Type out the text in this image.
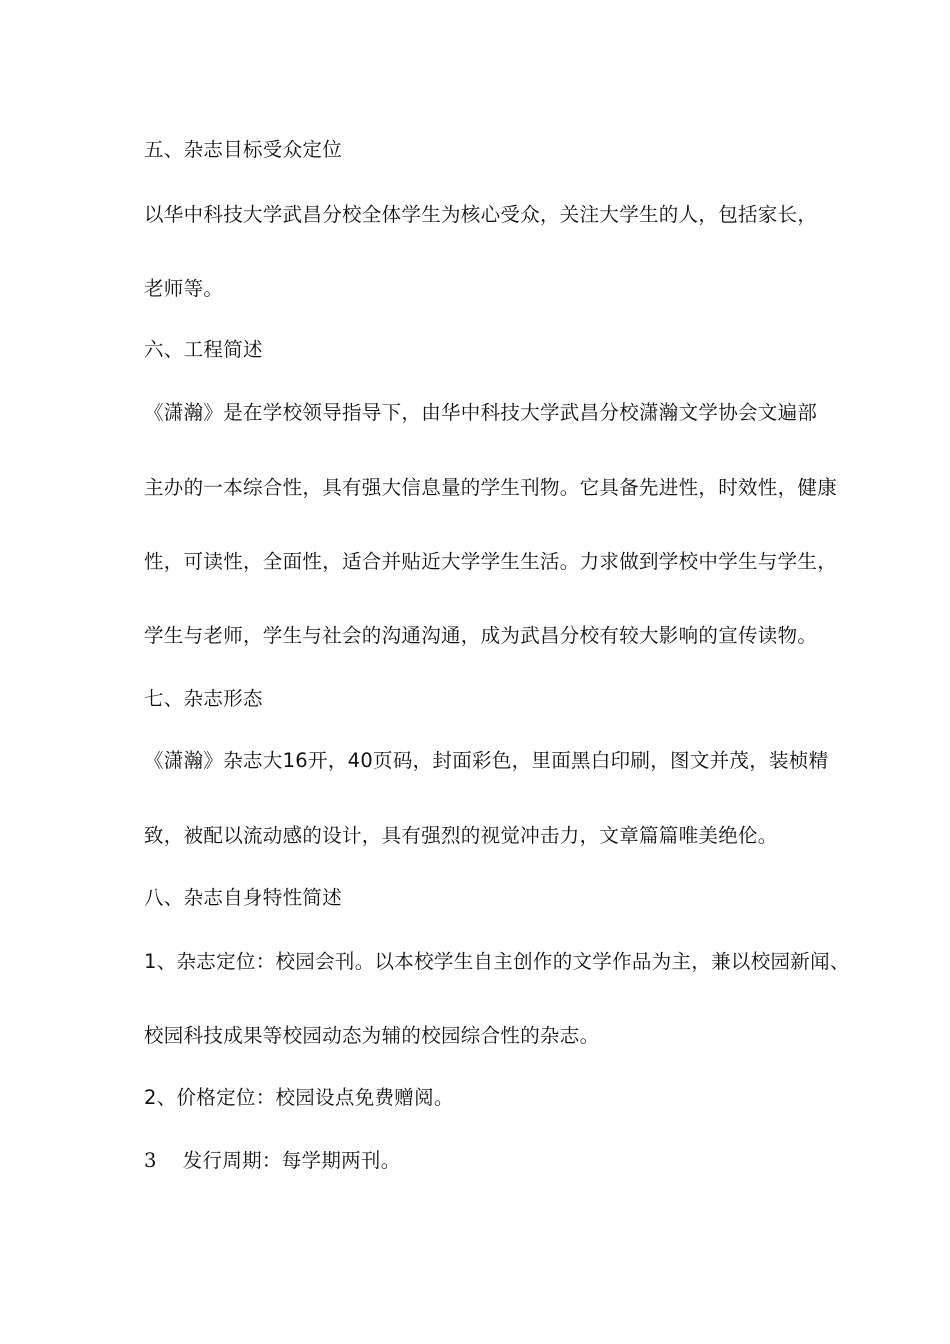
五、杂志目标受众定位
以华中科技大学武昌分校全体学生为核心受众，关注大学生的人，包括家长，
老师等。
六、工程简述
《潇瀚》是在学校领导指导下，由华中科技大学武昌分校潇瀚文学协会文遍部
主办的一本综合性，具有强大信息量的学生刊物。它具备先进性，时效性，健康
性，可读性，全面性，适合并贴近大学学生生活。力求做到学校中学生与学生，
学生与老师，学生与社会的沟通沟通，成为武昌分校有较大影响的宣传读物。
七、杂志形态
《潇瀚》杂志大16开，40页码，封面彩色，里面黑白印刷，图文并茂，装桢精
致，被配以流动感的设计，具有强烈的视觉冲击力，文章篇篇唯美绝伦。
八、杂志自身特性简述
1、杂志定位：校园会刊。以本校学生自主创作的文学作品为主，兼以校园新闻、
校园科技成果等校园动态为辅的校园综合性的杂志。
2、价格定位：校园设点免费赠阅。
3 发行周期：每学期两刊。
